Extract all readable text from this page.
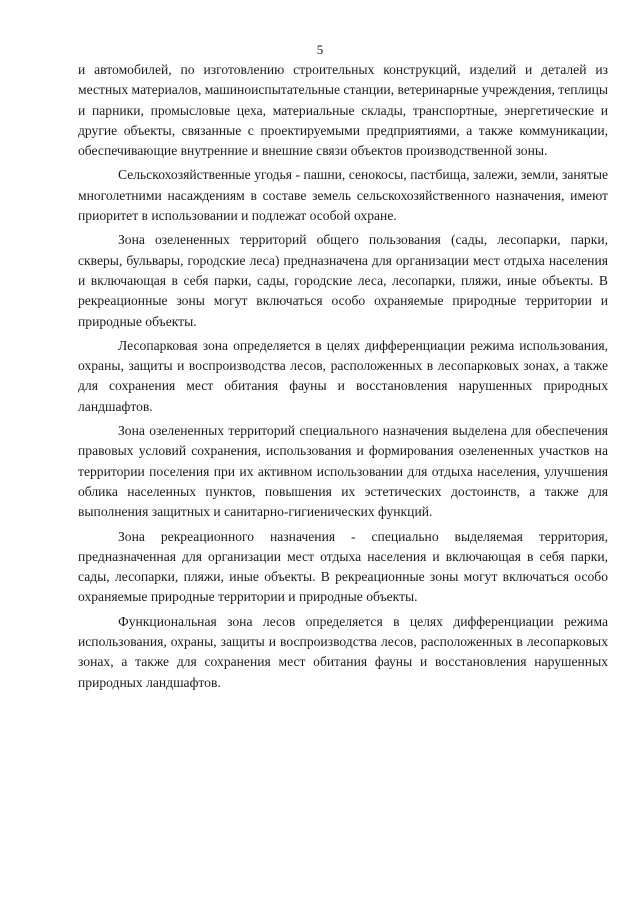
5

и автомобилей, по изготовлению строительных конструкций, изделий и деталей из местных материалов, машиноиспытательные станции, ветеринарные учреждения, теплицы и парники, промысловые цеха, материальные склады, транспортные, энергетические и другие объекты, связанные с проектируемыми предприятиями, а также коммуникации, обеспечивающие внутренние и внешние связи объектов производственной зоны.

Сельскохозяйственные угодья - пашни, сенокосы, пастбища, залежи, земли, занятые многолетними насаждениям в составе земель сельскохозяйственного назначения, имеют приоритет в использовании и подлежат особой охране.

Зона озелененных территорий общего пользования (сады, лесопарки, парки, скверы, бульвары, городские леса) предназначена для организации мест отдыха населения и включающая в себя парки, сады, городские леса, лесопарки, пляжи, иные объекты. В рекреационные зоны могут включаться особо охраняемые природные территории и природные объекты.

Лесопарковая зона определяется в целях дифференциации режима использования, охраны, защиты и воспроизводства лесов, расположенных в лесопарковых зонах, а также для сохранения мест обитания фауны и восстановления нарушенных природных ландшафтов.

Зона озелененных территорий специального назначения выделена для обеспечения правовых условий сохранения, использования и формирования озелененных участков на территории поселения при их активном использовании для отдыха населения, улучшения облика населенных пунктов, повышения их эстетических достоинств, а также для выполнения защитных и санитарно-гигиенических функций.

Зона рекреационного назначения - специально выделяемая территория, предназначенная для организации мест отдыха населения и включающая в себя парки, сады, лесопарки, пляжи, иные объекты. В рекреационные зоны могут включаться особо охраняемые природные территории и природные объекты.

Функциональная зона лесов определяется в целях дифференциации режима использования, охраны, защиты и воспроизводства лесов, расположенных в лесопарковых зонах, а также для сохранения мест обитания фауны и восстановления нарушенных природных ландшафтов.
